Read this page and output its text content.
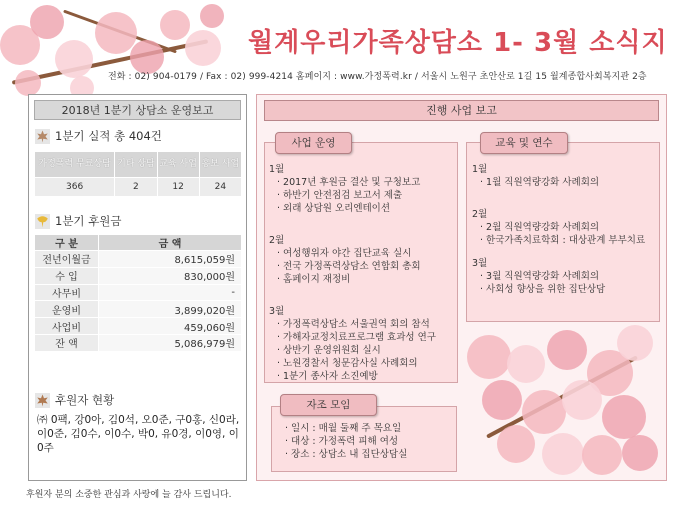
월계우리가족상담소 1- 3월 소식지
전화 : 02) 904-0179 / Fax : 02) 999-4214 홈페이지 : www.가정폭력.kr / 서울시 노원구 초안산로 1길 15 월계종합사회복지관 2층
2018년 1분기 상담소 운영보고
1분기 실적 총 404건
가정폭력 무료상담	기타 상담	교육 사업	홍보 사업
366	2	12	24
1분기 후원금
구 분	금 액
전년이월금	8,615,059원
수 입	830,000원
사무비	-
운영비	3,899,020원
사업비	459,060원
잔 액	5,086,979원
후원자 현황
㈜ 0팩, 강0아, 김0석, 오0준, 구0홍, 신0라, 이0준, 김0수, 이0수, 박0, 유0경, 이0영, 이0주
후원자 분의 소중한 관심과 사랑에 늘 감사 드립니다.
진행 사업 보고
사업 운영
1월
· 2017년 후원금 결산 및 구청보고
· 하반기 안전점검 보고서 제출
· 외래 상담원 오리엔테이션
2월
· 여성행위자 야간 집단교육 실시
· 전국 가정폭력상담소 연합회 총회
· 홈페이지 재정비
3월
· 가정폭력상담소 서울권역 회의 참석
· 가해자교정치료프로그램 효과성 연구
· 상반기 운영위원회 실시
· 노원경찰서 청문감사실 사례회의
· 1분기 종사자 소진예방
교육 및 연수
1월
· 1월 직원역량강화 사례회의
2월
· 2월 직원역량강화 사례회의
· 한국가족치료학회 : 대상관계 부부치료
3월
· 3월 직원역량강화 사례회의
· 사회성 향상을 위한 집단상담
자조 모임
· 일시 : 매월 둘째 주 목요일
· 대상 : 가정폭력 피해 여성
· 장소 : 상담소 내 집단상담실
